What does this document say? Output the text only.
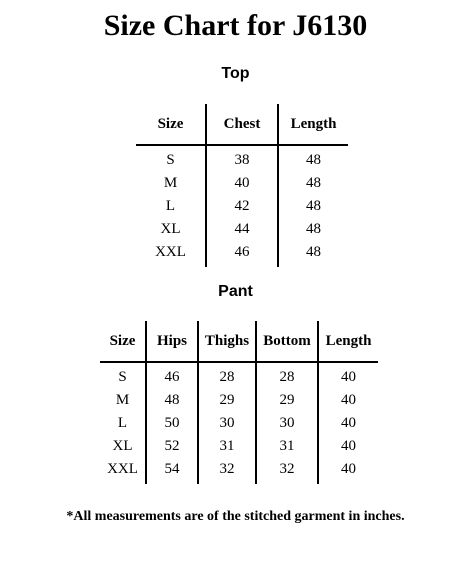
Size Chart for J6130
Top
Size	Chest	Length
S	38	48
M	40	48
L	42	48
XL	44	48
XXL	46	48
Pant
Size	Hips	Thighs	Bottom	Length
S	46	28	28	40
M	48	29	29	40
L	50	30	30	40
XL	52	31	31	40
XXL	54	32	32	40
*All measurements are of the stitched garment in inches.
